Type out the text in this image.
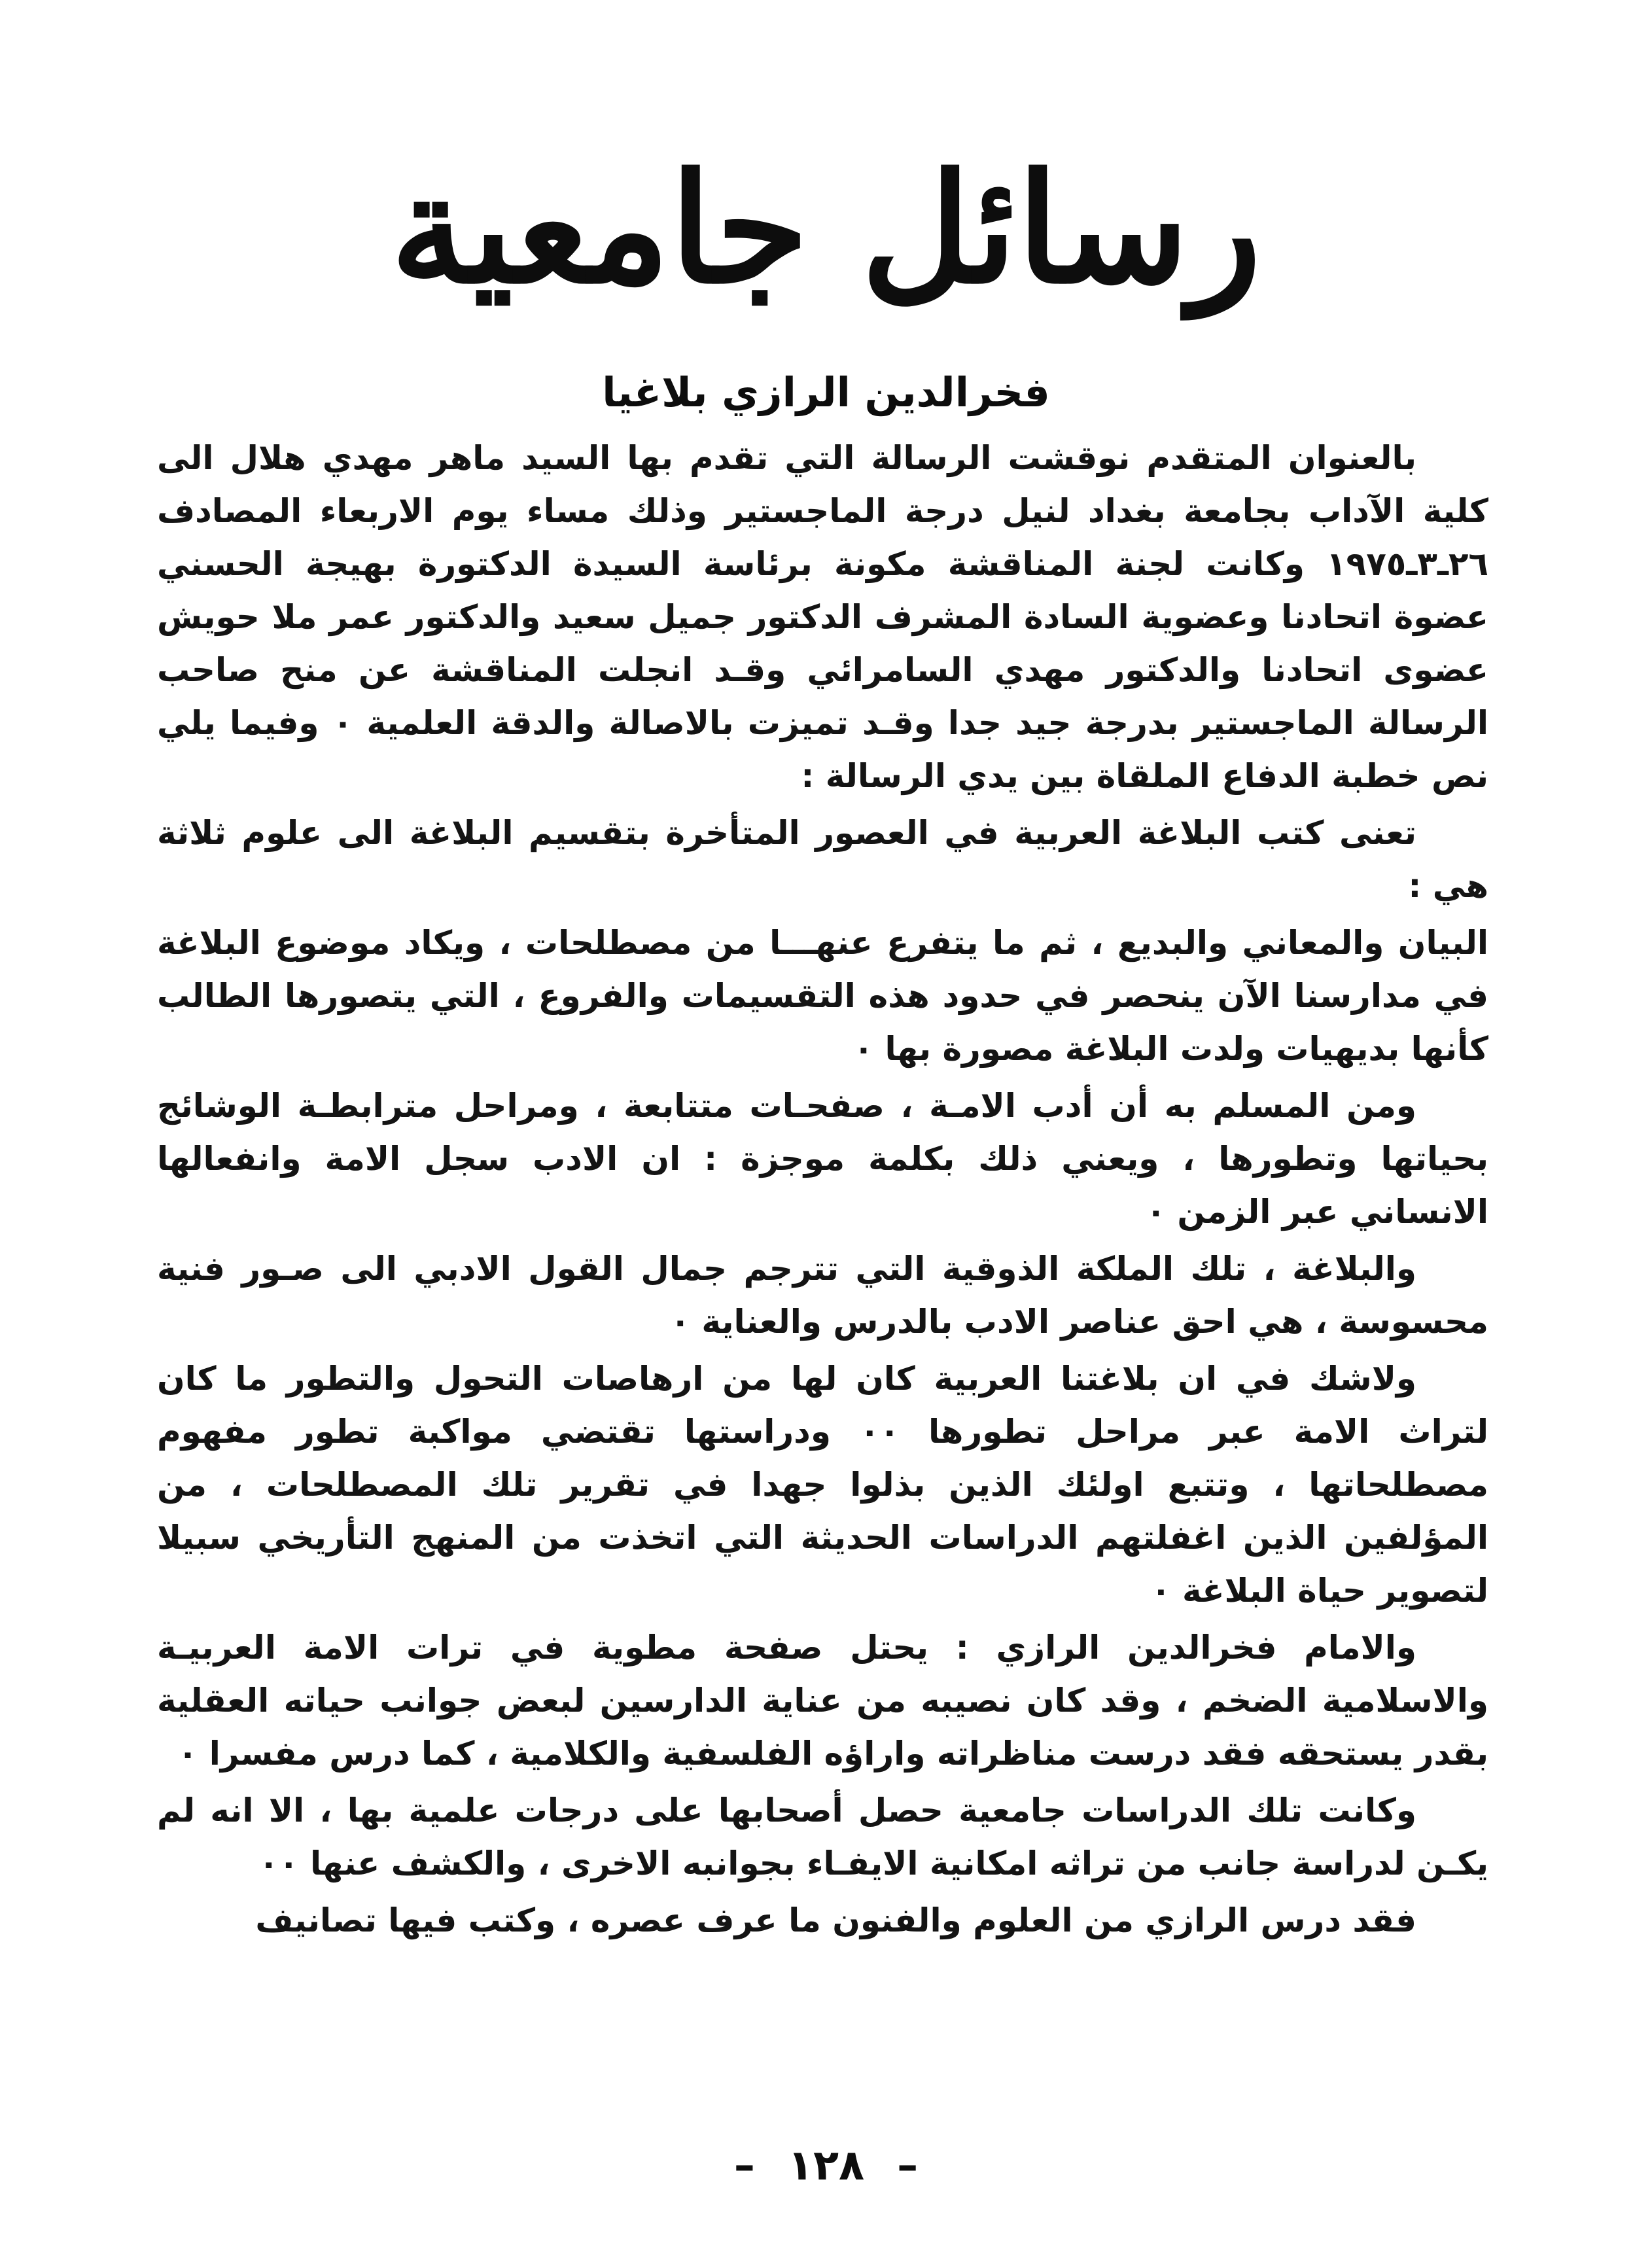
رسائل جامعية
فخرالدين الرازي بلاغيا

بالعنوان المتقدم نوقشت الرسالة التي تقدم بها السيد ماهر مهدي هلال الى كلية الآداب بجامعة بغداد لنيل درجة الماجستير وذلك مساء يوم الاربعاء المصادف ٢٦ـ٣ـ١٩٧٥ وكانت لجنة المناقشة مكونة برئاسة السيدة الدكتورة بهيجة الحسني عضوة اتحادنا وعضوية السادة المشرف الدكتور جميل سعيد والدكتور عمر ملا حويش عضوى اتحادنا والدكتور مهدي السامرائي وقـد انجلت المناقشة عن منح صاحب الرسالة الماجستير بدرجة جيد جدا وقـد تميزت بالاصالة والدقة العلمية ٠ وفيما يلي نص خطبة الدفاع الملقاة بين يدي الرسالة :

تعنى كتب البلاغة العربية في العصور المتأخرة بتقسيم البلاغة الى علوم ثلاثة هي :

البيان والمعاني والبديع ، ثم ما يتفرع عنهـــا من مصطلحات ، ويكاد موضوع البلاغة في مدارسنا الآن ينحصر في حدود هذه التقسيمات والفروع ، التي يتصورها الطالب كأنها بديهيات ولدت البلاغة مصورة بها ٠

ومن المسلم به أن أدب الامـة ، صفحـات متتابعة ، ومراحل مترابطـة الوشائج بحياتها وتطورها ، ويعني ذلك بكلمة موجزة : ان الادب سجل الامة وانفعالها الانساني عبر الزمن ٠

والبلاغة ، تلك الملكة الذوقية التي تترجم جمال القول الادبي الى صـور فنية محسوسة ، هي احق عناصر الادب بالدرس والعناية ٠

ولاشك في ان بلاغتنا العربية كان لها من ارهاصات التحول والتطور ما كان لتراث الامة عبر مراحل تطورها ٠٠ ودراستها تقتضي مواكبة تطور مفهوم مصطلحاتها ، وتتبع اولئك الذين بذلوا جهدا في تقرير تلك المصطلحات ، من المؤلفين الذين اغفلتهم الدراسات الحديثة التي اتخذت من المنهج التأريخي سبيلا لتصوير حياة البلاغة ٠

والامام فخرالدين الرازي : يحتل صفحة مطوية في ترات الامة العربيـة والاسلامية الضخم ، وقد كان نصيبه من عناية الدارسين لبعض جوانب حياته العقلية بقدر يستحقه فقد درست مناظراته واراؤه الفلسفية والكلامية ، كما درس مفسرا ٠

وكانت تلك الدراسات جامعية حصل أصحابها على درجات علمية بها ، الا انه لم يكـن لدراسة جانب من تراثه امكانية الايفـاء بجوانبه الاخرى ، والكشف عنها ٠٠

فقد درس الرازي من العلوم والفنون ما عرف عصره ، وكتب فيها تصانيف

– ١٢٨ –
